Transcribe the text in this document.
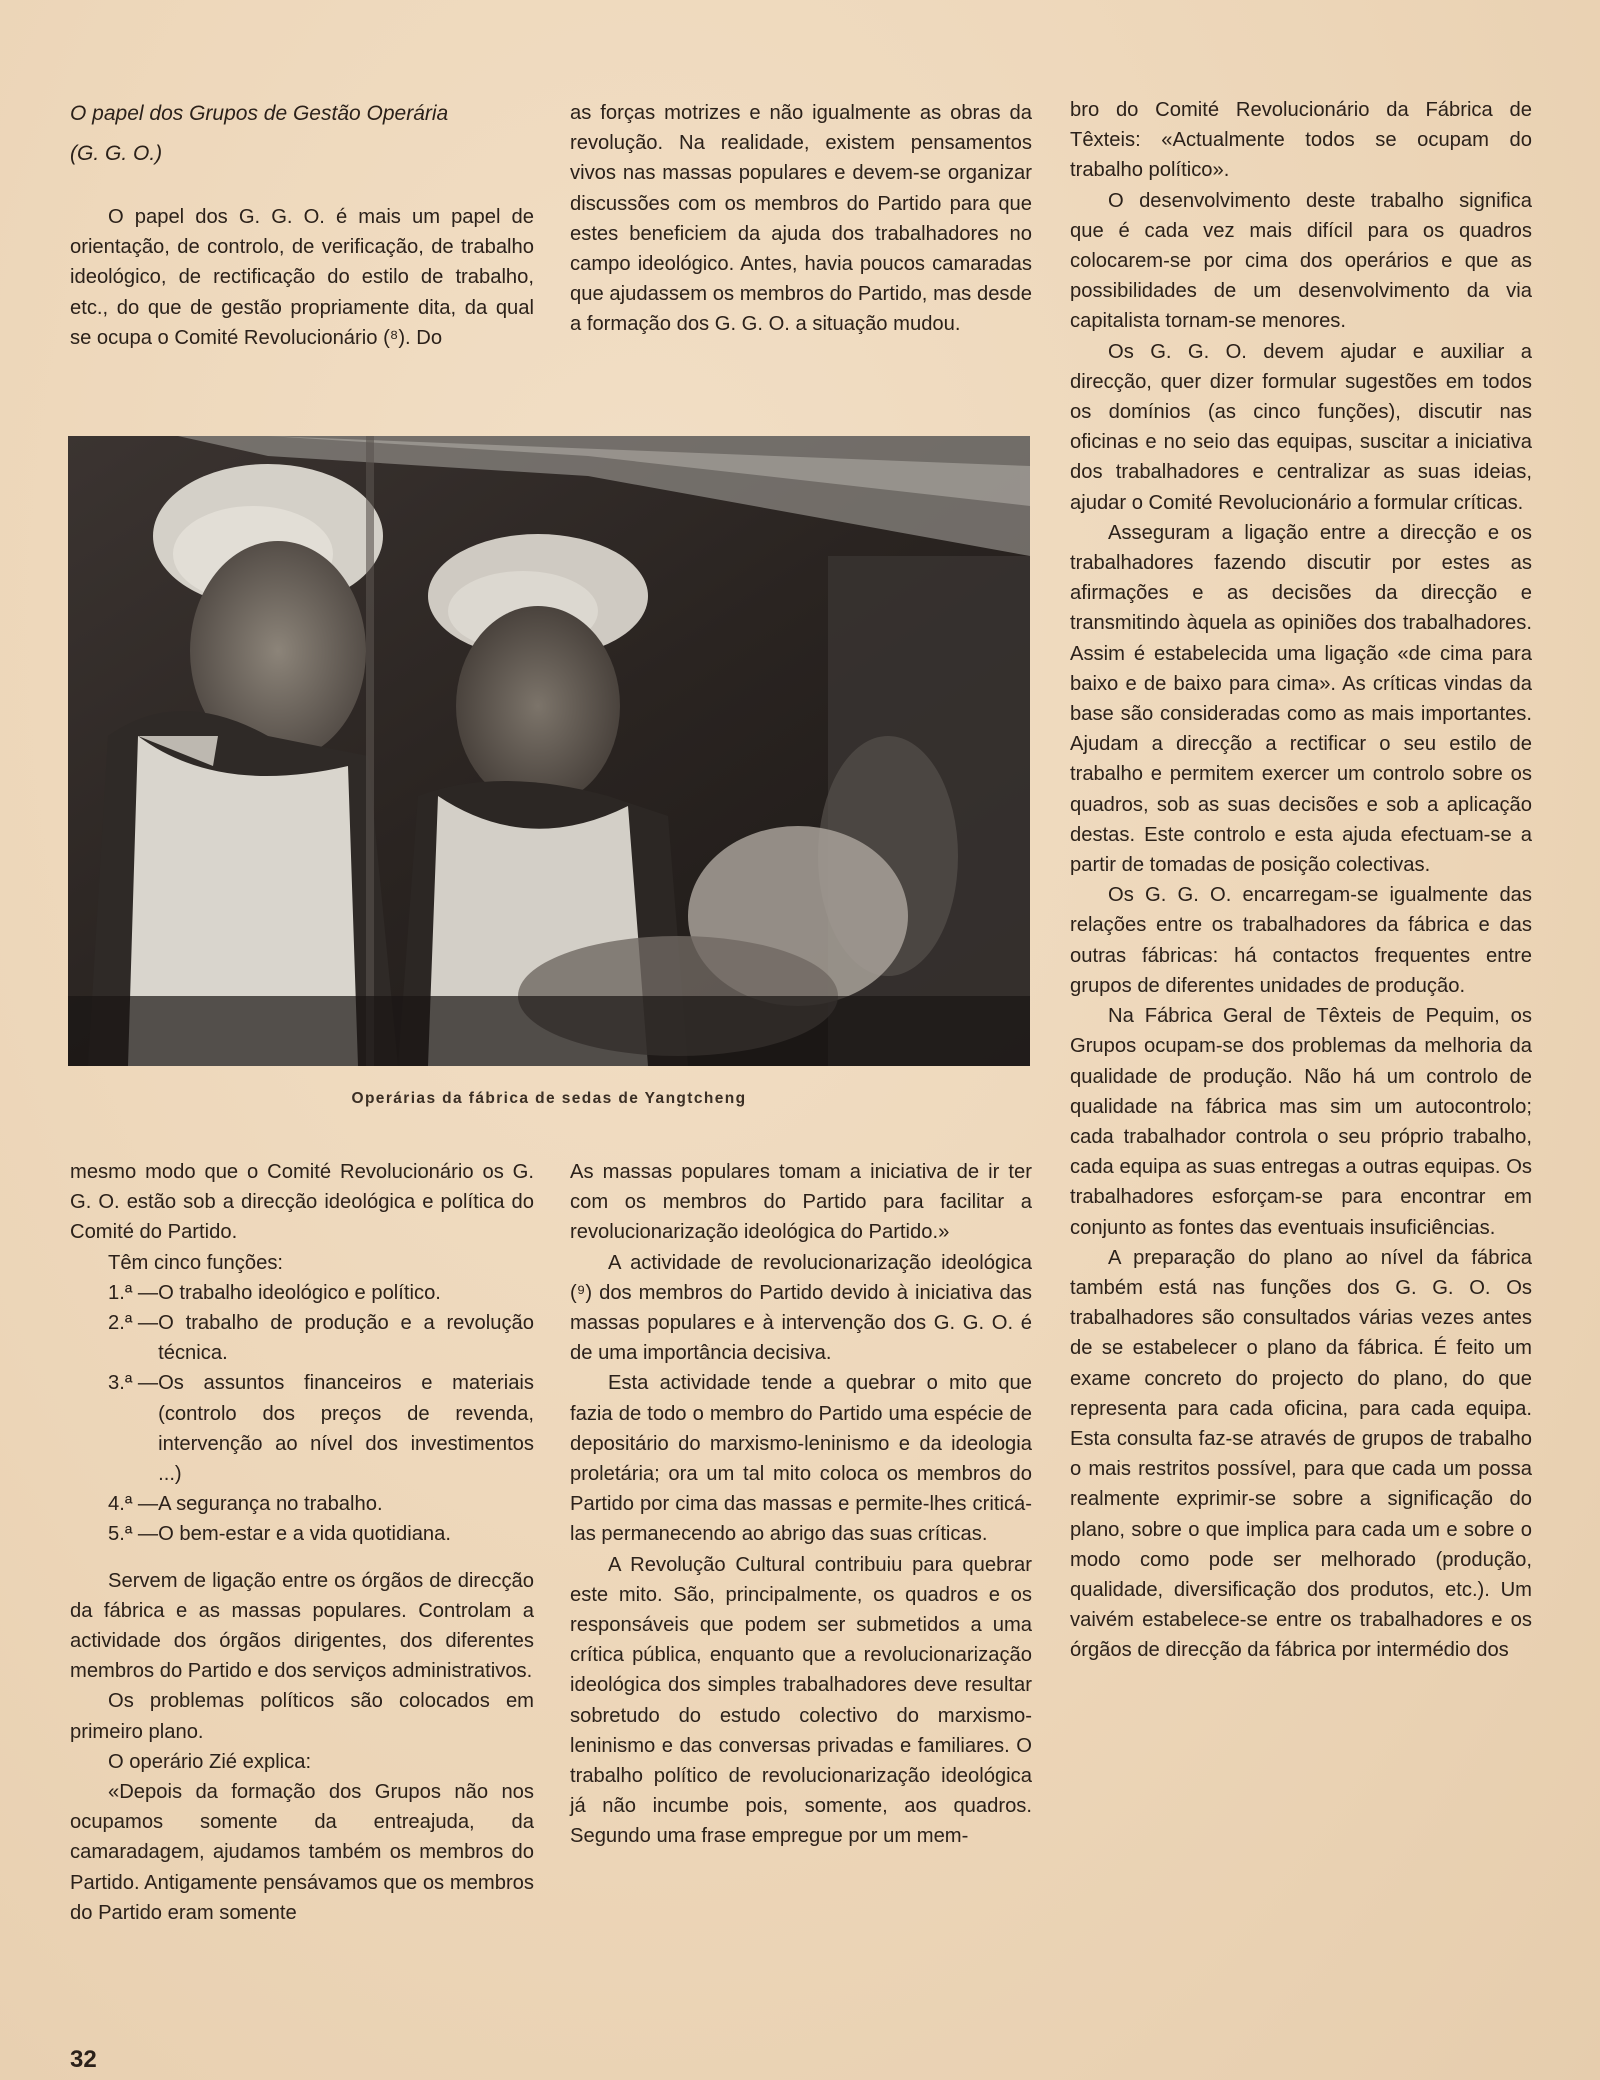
O papel dos Grupos de Gestão Operária
(G. G. O.)

O papel dos G. G. O. é mais um papel de orientação, de controlo, de verificação, de trabalho ideológico, de rectificação do estilo de trabalho, etc., do que de gestão propriamente dita, da qual se ocupa o Comité Revolucionário (⁸). Do

as forças motrizes e não igualmente as obras da revolução. Na realidade, existem pensamentos vivos nas massas populares e devem-se organizar discussões com os membros do Partido para que estes beneficiem da ajuda dos trabalhadores no campo ideológico. Antes, havia poucos camaradas que ajudassem os membros do Partido, mas desde a formação dos G. G. O. a situação mudou.

Operárias da fábrica de sedas de Yangtcheng

mesmo modo que o Comité Revolucionário os G. G. O. estão sob a direcção ideológica e política do Comité do Partido.

Têm cinco funções:

1.ª — O trabalho ideológico e político.
2.ª — O trabalho de produção e a revolução técnica.
3.ª — Os assuntos financeiros e materiais (controlo dos preços de revenda, intervenção ao nível dos investimentos ...)
4.ª — A segurança no trabalho.
5.ª — O bem-estar e a vida quotidiana.

Servem de ligação entre os órgãos de direcção da fábrica e as massas populares. Controlam a actividade dos órgãos dirigentes, dos diferentes membros do Partido e dos serviços administrativos.

Os problemas políticos são colocados em primeiro plano.

O operário Zié explica:

«Depois da formação dos Grupos não nos ocupamos somente da entreajuda, da camaradagem, ajudamos também os membros do Partido. Antigamente pensávamos que os membros do Partido eram somente

As massas populares tomam a iniciativa de ir ter com os membros do Partido para facilitar a revolucionarização ideológica do Partido.»

A actividade de revolucionarização ideológica (⁹) dos membros do Partido devido à iniciativa das massas populares e à intervenção dos G. G. O. é de uma importância decisiva.

Esta actividade tende a quebrar o mito que fazia de todo o membro do Partido uma espécie de depositário do marxismo-leninismo e da ideologia proletária; ora um tal mito coloca os membros do Partido por cima das massas e permite-lhes criticá-las permanecendo ao abrigo das suas críticas.

A Revolução Cultural contribuiu para quebrar este mito. São, principalmente, os quadros e os responsáveis que podem ser submetidos a uma crítica pública, enquanto que a revolucionarização ideológica dos simples trabalhadores deve resultar sobretudo do estudo colectivo do marxismo-leninismo e das conversas privadas e familiares. O trabalho político de revolucionarização ideológica já não incumbe pois, somente, aos quadros. Segundo uma frase empregue por um mem-

bro do Comité Revolucionário da Fábrica de Têxteis: «Actualmente todos se ocupam do trabalho político».

O desenvolvimento deste trabalho significa que é cada vez mais difícil para os quadros colocarem-se por cima dos operários e que as possibilidades de um desenvolvimento da via capitalista tornam-se menores.

Os G. G. O. devem ajudar e auxiliar a direcção, quer dizer formular sugestões em todos os domínios (as cinco funções), discutir nas oficinas e no seio das equipas, suscitar a iniciativa dos trabalhadores e centralizar as suas ideias, ajudar o Comité Revolucionário a formular críticas.

Asseguram a ligação entre a direcção e os trabalhadores fazendo discutir por estes as afirmações e as decisões da direcção e transmitindo àquela as opiniões dos trabalhadores. Assim é estabelecida uma ligação «de cima para baixo e de baixo para cima». As críticas vindas da base são consideradas como as mais importantes. Ajudam a direcção a rectificar o seu estilo de trabalho e permitem exercer um controlo sobre os quadros, sob as suas decisões e sob a aplicação destas. Este controlo e esta ajuda efectuam-se a partir de tomadas de posição colectivas.

Os G. G. O. encarregam-se igualmente das relações entre os trabalhadores da fábrica e das outras fábricas: há contactos frequentes entre grupos de diferentes unidades de produção.

Na Fábrica Geral de Têxteis de Pequim, os Grupos ocupam-se dos problemas da melhoria da qualidade de produção. Não há um controlo de qualidade na fábrica mas sim um autocontrolo; cada trabalhador controla o seu próprio trabalho, cada equipa as suas entregas a outras equipas. Os trabalhadores esforçam-se para encontrar em conjunto as fontes das eventuais insuficiências.

A preparação do plano ao nível da fábrica também está nas funções dos G. G. O. Os trabalhadores são consultados várias vezes antes de se estabelecer o plano da fábrica. É feito um exame concreto do projecto do plano, do que representa para cada oficina, para cada equipa. Esta consulta faz-se através de grupos de trabalho o mais restritos possível, para que cada um possa realmente exprimir-se sobre a significação do plano, sobre o que implica para cada um e sobre o modo como pode ser melhorado (produção, qualidade, diversificação dos produtos, etc.). Um vaivém estabelece-se entre os trabalhadores e os órgãos de direcção da fábrica por intermédio dos

32
